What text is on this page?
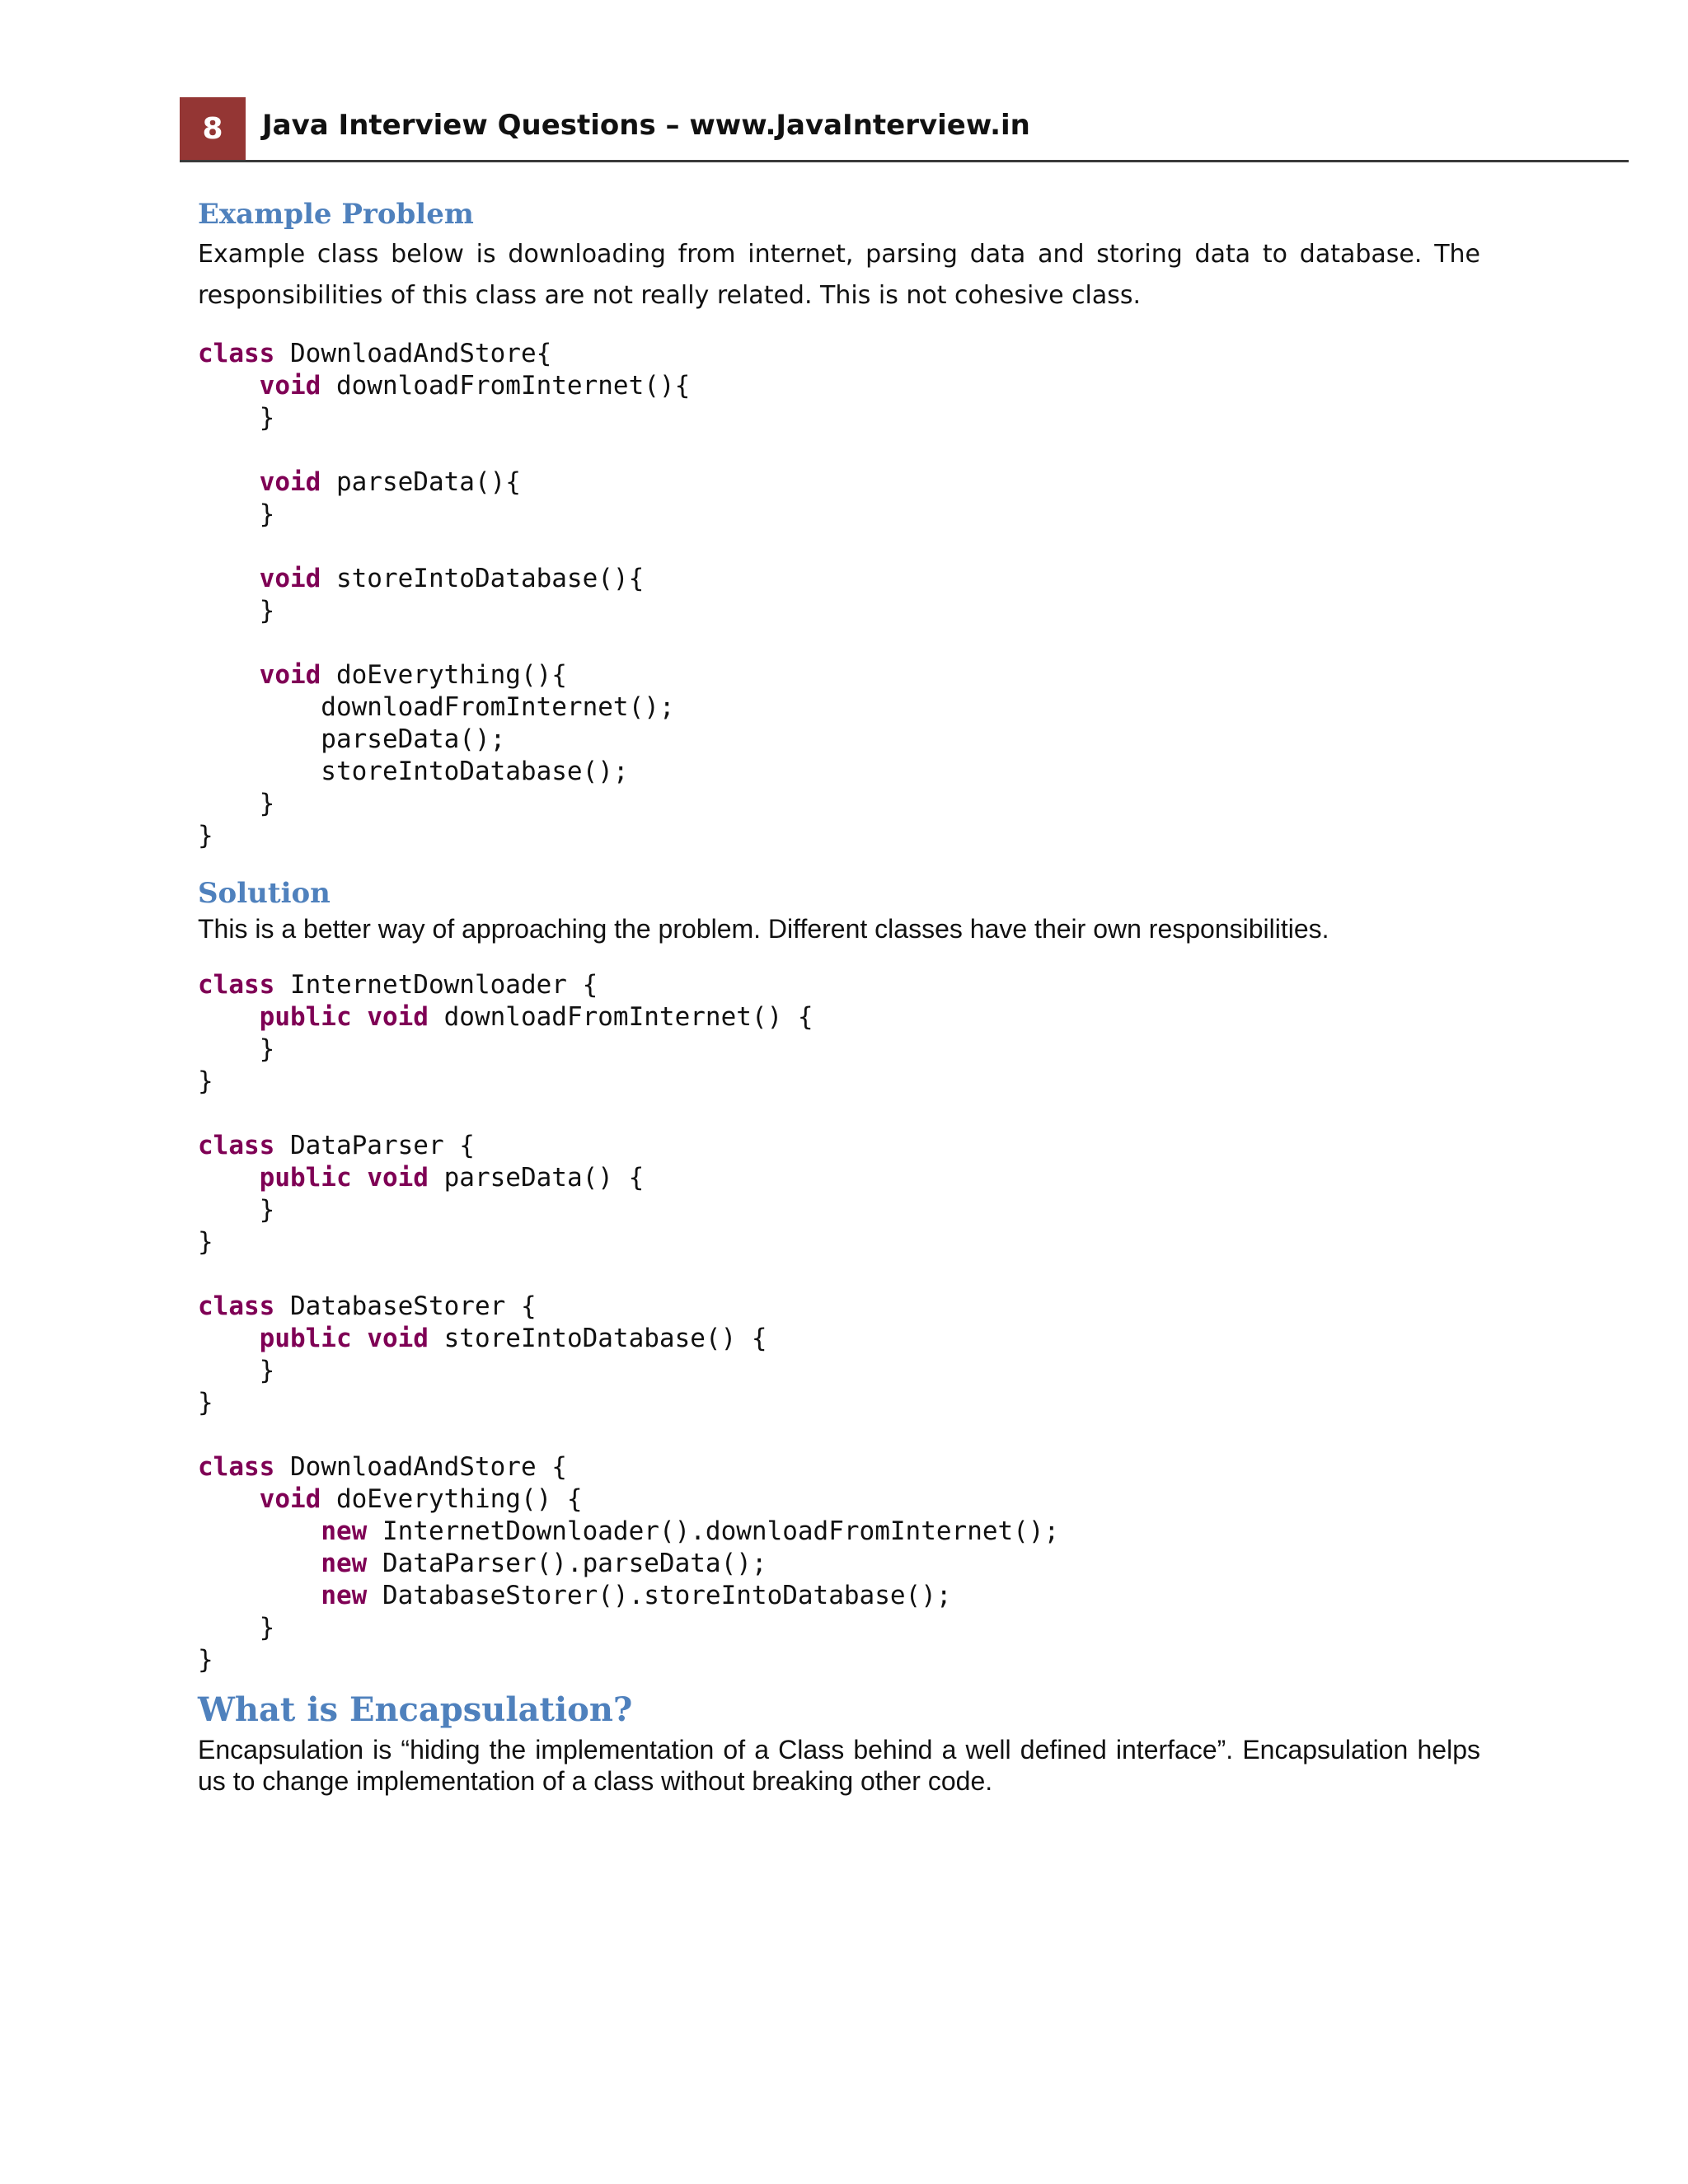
8	Java Interview Questions – www.JavaInterview.in
Example Problem

Example class below is downloading from internet, parsing data and storing data to database. The responsibilities of this class are not really related. This is not cohesive class.

class DownloadAndStore{
void downloadFromInternet(){
}

void parseData(){
}

void storeIntoDatabase(){
}

void doEverything(){
downloadFromInternet();
parseData();
storeIntoDatabase();
}
}

Solution

This is a better way of approaching the problem. Different classes have their own responsibilities.

class InternetDownloader {
public void downloadFromInternet() {
}
}

class DataParser {
public void parseData() {
}
}

class DatabaseStorer {
public void storeIntoDatabase() {
}
}

class DownloadAndStore {
void doEverything() {
new InternetDownloader().downloadFromInternet();
new DataParser().parseData();
new DatabaseStorer().storeIntoDatabase();
}
}

What is Encapsulation?

Encapsulation is “hiding the implementation of a Class behind a well defined interface”. Encapsulation helps us to change implementation of a class without breaking other code.
